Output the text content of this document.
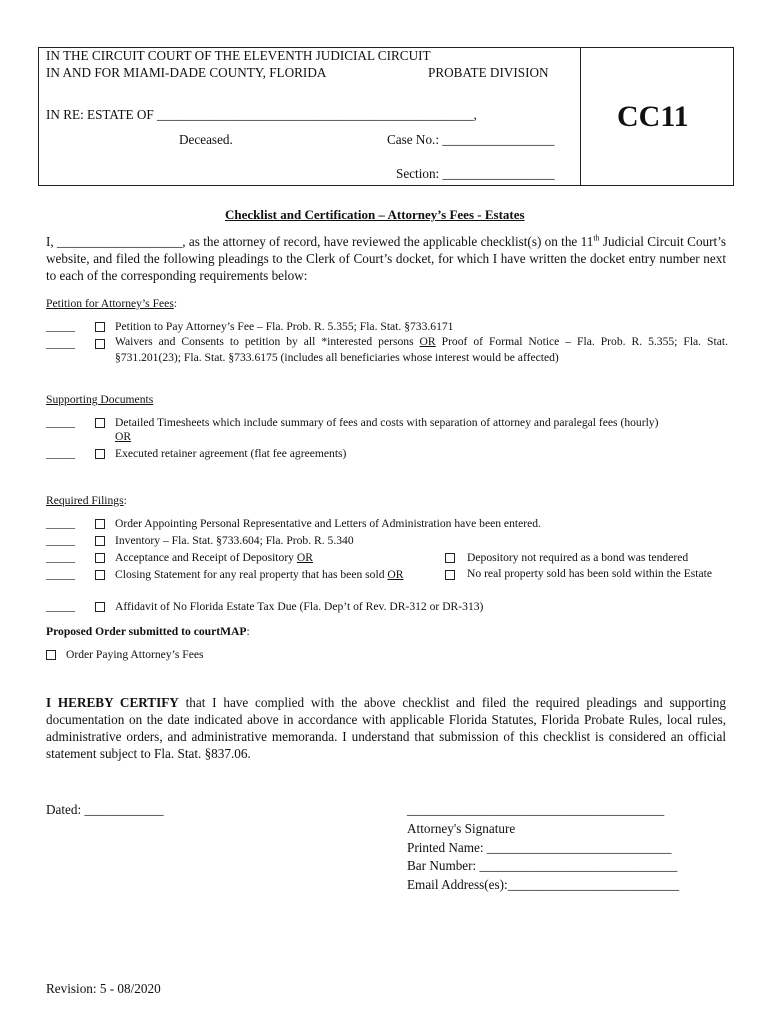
IN THE CIRCUIT COURT OF THE ELEVENTH JUDICIAL CIRCUIT
IN AND FOR MIAMI-DADE COUNTY, FLORIDA	PROBATE DIVISION
IN RE: ESTATE OF ________________________________________________,
Deceased.	Case No.: _________________
Section: _________________
CC11
Checklist and Certification – Attorney’s Fees - Estates
I, ___________________, as the attorney of record, have reviewed the applicable checklist(s) on the 11th Judicial Circuit Court’s website, and filed the following pleadings to the Clerk of Court’s docket, for which I have written the docket entry number next to each of the corresponding requirements below:
Petition for Attorney’s Fees:
_____	Petition to Pay Attorney’s Fee – Fla. Prob. R. 5.355; Fla. Stat. §733.6171
_____	Waivers and Consents to petition by all *interested persons OR Proof of Formal Notice – Fla. Prob. R. 5.355; Fla. Stat. §731.201(23); Fla. Stat. §733.6175 (includes all beneficiaries whose interest would be affected)
Supporting Documents
_____	Detailed Timesheets which include summary of fees and costs with separation of attorney and paralegal fees (hourly)
OR
_____	Executed retainer agreement (flat fee agreements)
Required Filings:
_____	Order Appointing Personal Representative and Letters of Administration have been entered.
_____	Inventory – Fla. Stat. §733.604; Fla. Prob. R. 5.340
_____	Acceptance and Receipt of Depository OR	Depository not required as a bond was tendered
_____	Closing Statement for any real property that has been sold OR	No real property sold has been sold within the Estate
_____	Affidavit of No Florida Estate Tax Due (Fla. Dep’t of Rev. DR-312 or DR-313)
Proposed Order submitted to courtMAP:
Order Paying Attorney’s Fees
I HEREBY CERTIFY that I have complied with the above checklist and filed the required pleadings and supporting documentation on the date indicated above in accordance with applicable Florida Statutes, Florida Probate Rules, local rules, administrative orders, and administrative memoranda. I understand that submission of this checklist is considered an official statement subject to Fla. Stat. §837.06.
Dated: ____________	_______________________________________
Attorney's Signature
Printed Name: ____________________________
Bar Number: ______________________________
Email Address(es):__________________________
Revision: 5 - 08/2020
